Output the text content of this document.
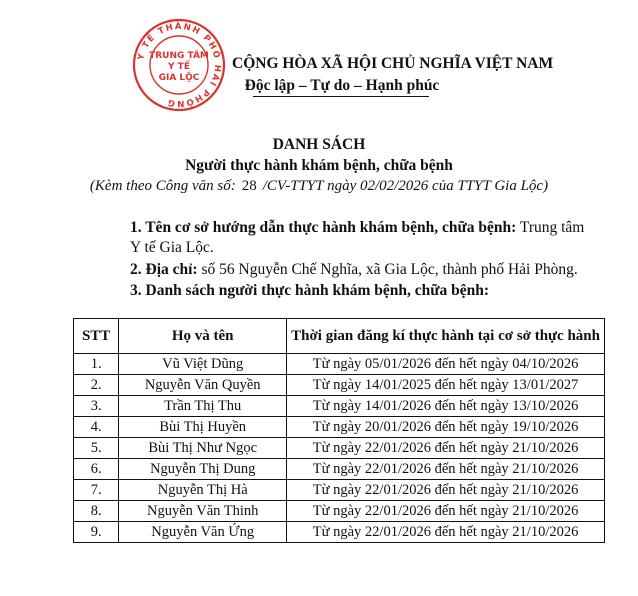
Y TẾ THÀNH PHỐ HẢI PHÒNG
TRUNG TÂM
Y TẾ
GIA LỘC
CỘNG HÒA XÃ HỘI CHỦ NGHĨA VIỆT NAM
Độc lập – Tự do – Hạnh phúc
DANH SÁCH
Người thực hành khám bệnh, chữa bệnh
(Kèm theo Công văn số: 28 /CV-TTYT ngày 02/02/2026 của TTYT Gia Lộc)
1. Tên cơ sở hướng dẫn thực hành khám bệnh, chữa bệnh: Trung tâm Y tế Gia Lộc.
2. Địa chỉ: số 56 Nguyễn Chế Nghĩa, xã Gia Lộc, thành phố Hải Phòng.
3. Danh sách người thực hành khám bệnh, chữa bệnh:
STT	Họ và tên	Thời gian đăng kí thực hành tại cơ sở thực hành
1.	Vũ Việt Dũng	Từ ngày 05/01/2026 đến hết ngày 04/10/2026
2.	Nguyễn Văn Quyền	Từ ngày 14/01/2025 đến hết ngày 13/01/2027
3.	Trần Thị Thu	Từ ngày 14/01/2026 đến hết ngày 13/10/2026
4.	Bùi Thị Huyền	Từ ngày 20/01/2026 đến hết ngày 19/10/2026
5.	Bùi Thị Như Ngọc	Từ ngày 22/01/2026 đến hết ngày 21/10/2026
6.	Nguyễn Thị Dung	Từ ngày 22/01/2026 đến hết ngày 21/10/2026
7.	Nguyễn Thị Hà	Từ ngày 22/01/2026 đến hết ngày 21/10/2026
8.	Nguyễn Văn Thinh	Từ ngày 22/01/2026 đến hết ngày 21/10/2026
9.	Nguyễn Văn Ứng	Từ ngày 22/01/2026 đến hết ngày 21/10/2026
